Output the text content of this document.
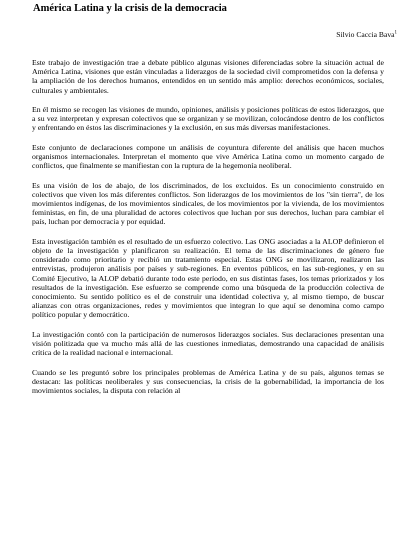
América Latina y la crisis de la democracia
Silvio Caccia Bava$^1$

Este trabajo de investigación trae a debate público algunas visiones diferenciadas sobre la situación actual de América Latina, visiones que están vinculadas a liderazgos de la sociedad civil comprometidos con la defensa y la ampliación de los derechos humanos, entendidos en un sentido más amplio: derechos económicos, sociales, culturales y ambientales.

En él mismo se recogen las visiones de mundo, opiniones, análisis y posiciones políticas de estos liderazgos, que a su vez interpretan y expresan colectivos que se organizan y se movilizan, colocándose dentro de los conflictos y enfrentando en éstos las discriminaciones y la exclusión, en sus más diversas manifestaciones.

Este conjunto de declaraciones compone un análisis de coyuntura diferente del análisis que hacen muchos organismos internacionales. Interpretan el momento que vive América Latina como un momento cargado de conflictos, que finalmente se manifiestan con la ruptura de la hegemonía neoliberal.

Es una visión de los de abajo, de los discriminados, de los excluidos. Es un conocimiento construido en colectivos que viven los más diferentes conflictos. Son liderazgos de los movimientos de los "sin tierra", de los movimientos indígenas, de los movimientos sindicales, de los movimientos por la vivienda, de los movimientos feministas, en fin, de una pluralidad de actores colectivos que luchan por sus derechos, luchan para cambiar el país, luchan por democracia y por equidad.

Esta investigación también es el resultado de un esfuerzo colectivo. Las ONG asociadas a la ALOP definieron el objeto de la investigación y planificaron su realización. El tema de las discriminaciones de género fue considerado como prioritario y recibió un tratamiento especial. Estas ONG se movilizaron, realizaron las entrevistas, produjeron análisis por países y sub-regiones. En eventos públicos, en las sub-regiones, y en su Comité Ejecutivo, la ALOP debatió durante todo este período, en sus distintas fases, los temas priorizados y los resultados de la investigación. Ese esfuerzo se comprende como una búsqueda de la producción colectiva de conocimiento. Su sentido político es el de construir una identidad colectiva y, al mismo tiempo, de buscar alianzas con otras organizaciones, redes y movimientos que integran lo que aquí se denomina como campo político popular y democrático.

La investigación contó con la participación de numerosos liderazgos sociales. Sus declaraciones presentan una visión politizada que va mucho más allá de las cuestiones inmediatas, demostrando una capacidad de análisis crítica de la realidad nacional e internacional.

Cuando se les preguntó sobre los principales problemas de América Latina y de su país, algunos temas se destacan: las políticas neoliberales y sus consecuencias, la crisis de la gobernabilidad, la importancia de los movimientos sociales, la disputa con relación al
